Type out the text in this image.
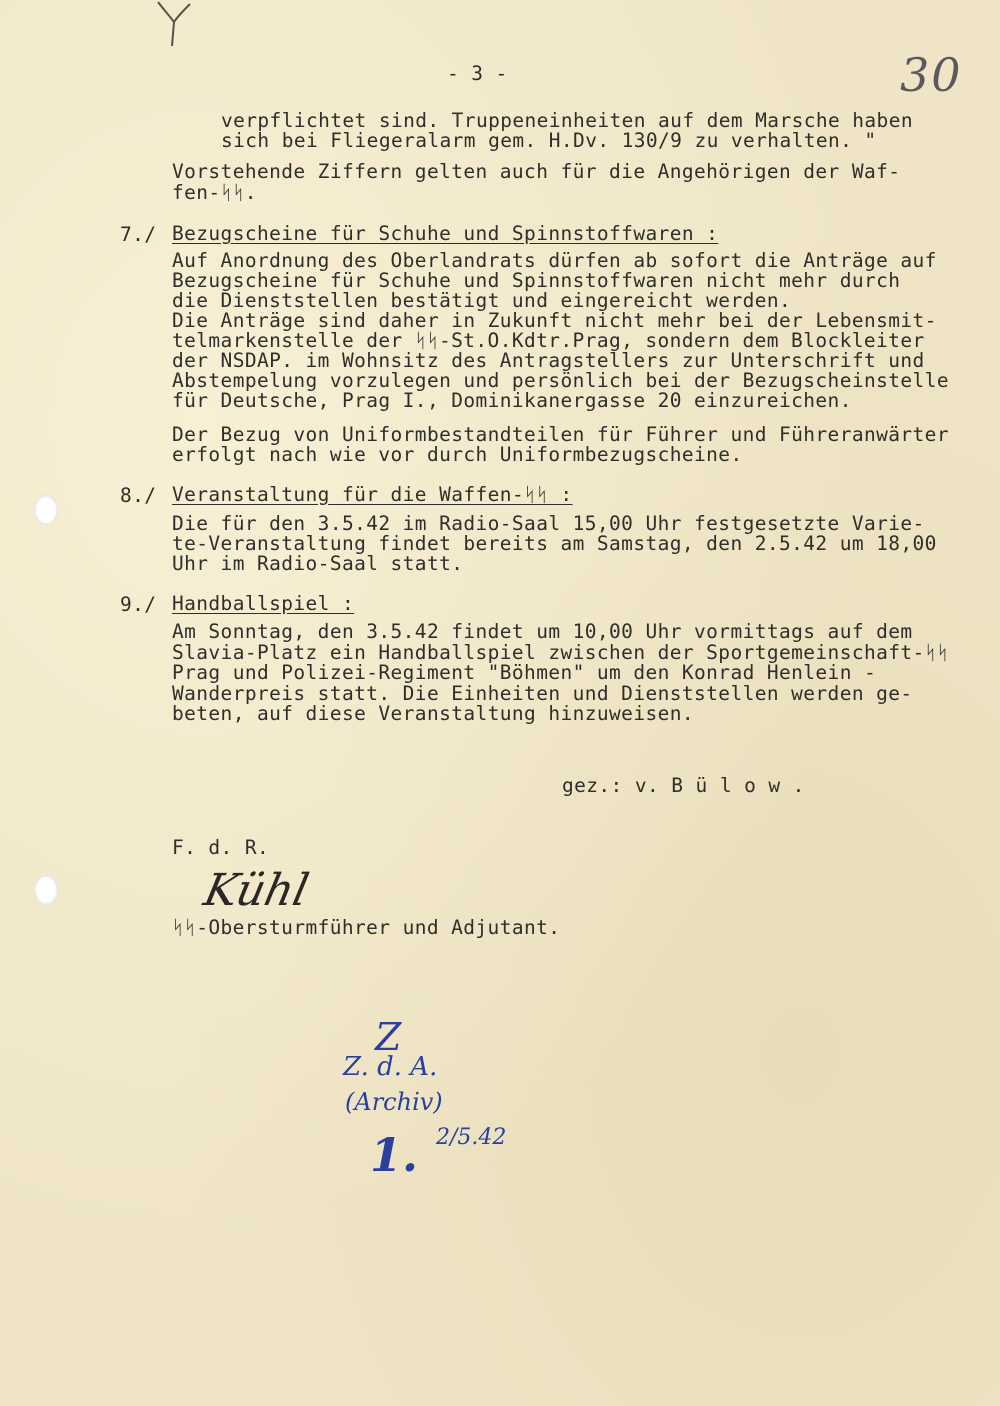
- 3 -	30
verpflichtet sind. Truppeneinheiten auf dem Marsche haben
sich bei Fliegeralarm gem. H.Dv. 130/9 zu verhalten. "
Vorstehende Ziffern gelten auch für die Angehörigen der Waf-
fen-ᛋᛋ.
7./ Bezugscheine für Schuhe und Spinnstoffwaren :
Auf Anordnung des Oberlandrats dürfen ab sofort die Anträge auf
Bezugscheine für Schuhe und Spinnstoffwaren nicht mehr durch
die Dienststellen bestätigt und eingereicht werden.
Die Anträge sind daher in Zukunft nicht mehr bei der Lebensmit-
telmarkenstelle der ᛋᛋ-St.O.Kdtr.Prag, sondern dem Blockleiter
der NSDAP. im Wohnsitz des Antragstellers zur Unterschrift und
Abstempelung vorzulegen und persönlich bei der Bezugscheinstelle
für Deutsche, Prag I., Dominikanergasse 20 einzureichen.
Der Bezug von Uniformbestandteilen für Führer und Führeranwärter
erfolgt nach wie vor durch Uniformbezugscheine.
8./ Veranstaltung für die Waffen-ᛋᛋ :
Die für den 3.5.42 im Radio-Saal 15,00 Uhr festgesetzte Varie-
te-Veranstaltung findet bereits am Samstag, den 2.5.42 um 18,00
Uhr im Radio-Saal statt.
9./ Handballspiel :
Am Sonntag, den 3.5.42 findet um 10,00 Uhr vormittags auf dem
Slavia-Platz ein Handballspiel zwischen der Sportgemeinschaft-ᛋᛋ
Prag und Polizei-Regiment "Böhmen" um den Konrad Henlein -
Wanderpreis statt. Die Einheiten und Dienststellen werden ge-
beten, auf diese Veranstaltung hinzuweisen.
gez.: v. B ü l o w .
F. d. R.
Kühl
ᛋᛋ-Obersturmführer und Adjutant.
Z
Z. d. A.
(Archiv)
1. 2/5.42
